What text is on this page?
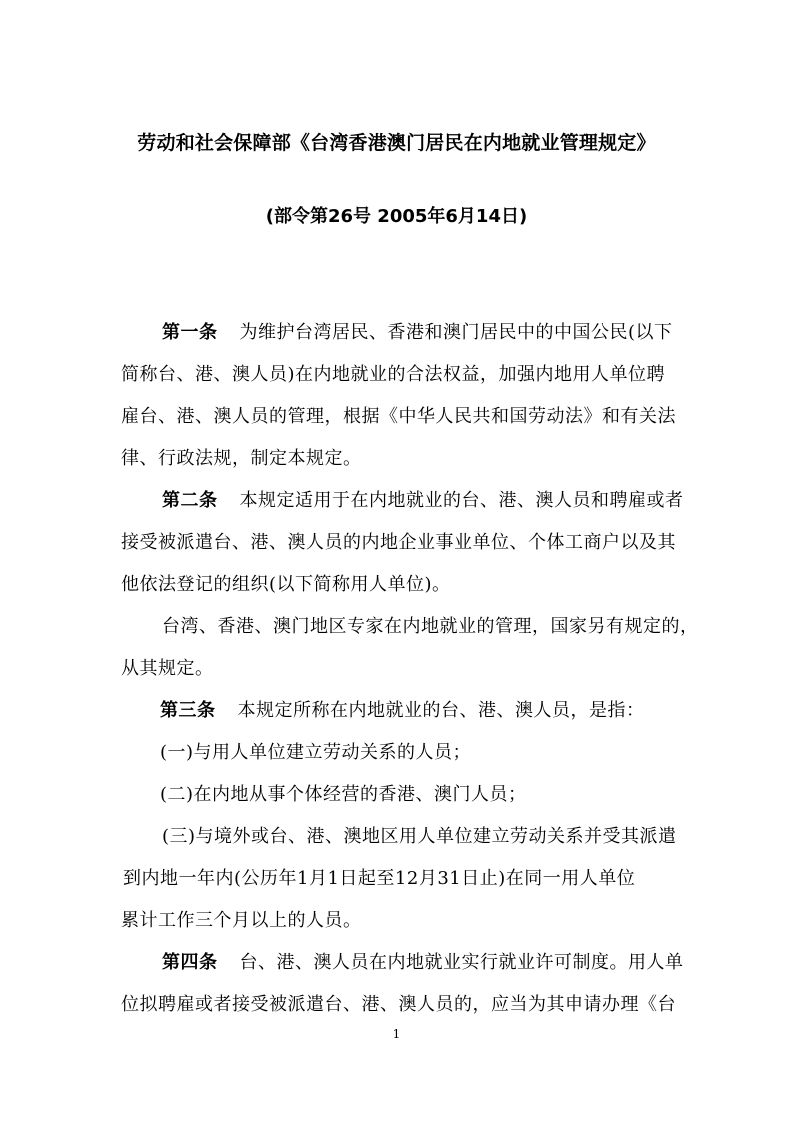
劳动和社会保障部《台湾香港澳门居民在内地就业管理规定》
(部令第26号 2005年6月14日)
第一条 为维护台湾居民、香港和澳门居民中的中国公民(以下
简称台、港、澳人员)在内地就业的合法权益，加强内地用人单位聘
雇台、港、澳人员的管理，根据《中华人民共和国劳动法》和有关法
律、行政法规，制定本规定。
第二条 本规定适用于在内地就业的台、港、澳人员和聘雇或者
接受被派遣台、港、澳人员的内地企业事业单位、个体工商户以及其
他依法登记的组织(以下简称用人单位)。
台湾、香港、澳门地区专家在内地就业的管理，国家另有规定的，
从其规定。
第三条 本规定所称在内地就业的台、港、澳人员，是指：
(一)与用人单位建立劳动关系的人员；
(二)在内地从事个体经营的香港、澳门人员；
(三)与境外或台、港、澳地区用人单位建立劳动关系并受其派遣
到内地一年内(公历年1月1日起至12月31日止)在同一用人单位
累计工作三个月以上的人员。
第四条 台、港、澳人员在内地就业实行就业许可制度。用人单
位拟聘雇或者接受被派遣台、港、澳人员的，应当为其申请办理《台
1
